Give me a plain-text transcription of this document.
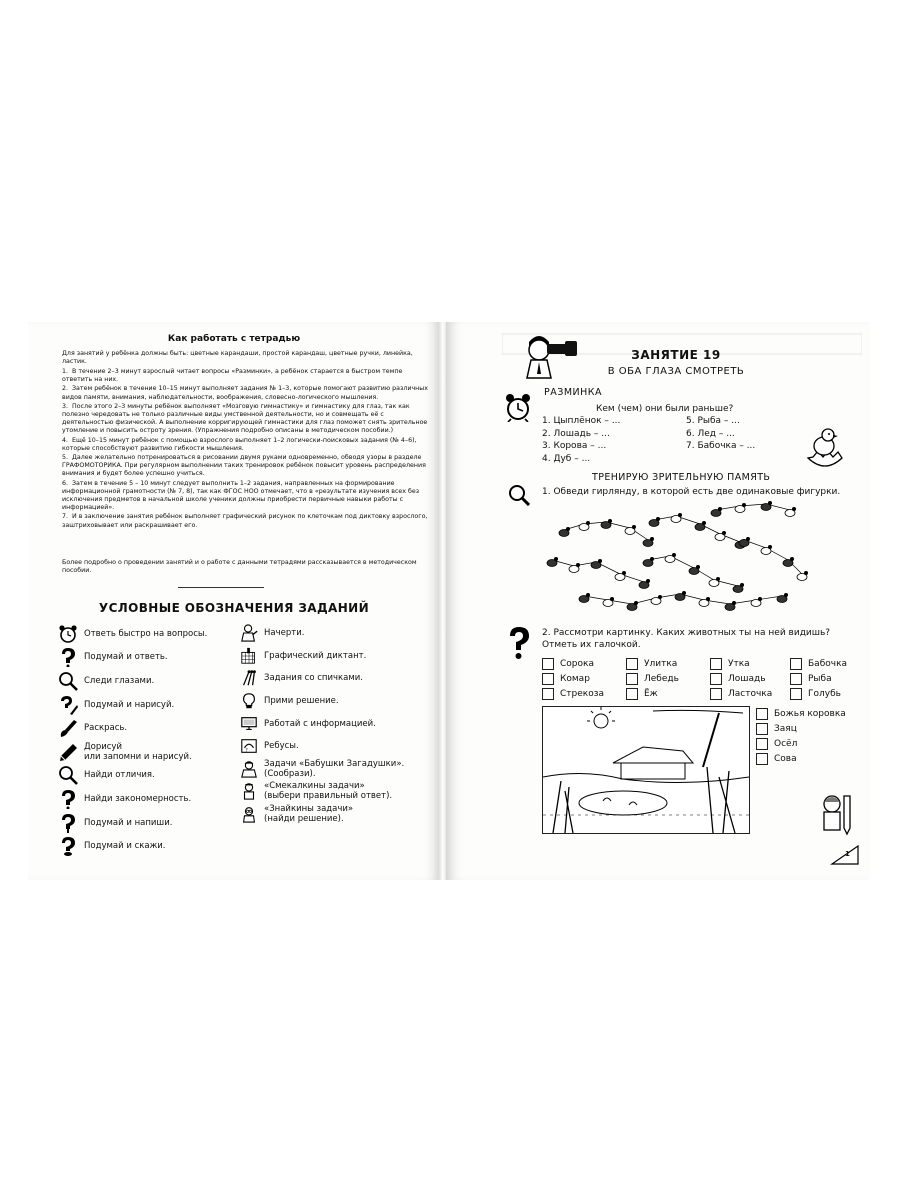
Как работать с тетрадью

Для занятий у ребёнка должны быть: цветные карандаши, простой карандаш, цветные ручки, линейка, ластик.

1. В течение 2–3 минут взрослый читает вопросы «Разминки», а ребёнок старается в быстром темпе ответить на них.
2. Затем ребёнок в течение 10–15 минут выполняет задания № 1–3, которые помогают развитию различных видов памяти, внимания, наблюдательности, воображения, словесно-логического мышления.
3. После этого 2–3 минуты ребёнок выполняет «Мозговую гимнастику» и гимнастику для глаз, так как полезно чередовать не только различные виды умственной деятельности, но и совмещать её с деятельностью физической. А выполнение корригирующей гимнастики для глаз поможет снять зрительное утомление и повысить остроту зрения. (Упражнения подробно описаны в методическом пособии.)
4. Ещё 10–15 минут ребёнок с помощью взрослого выполняет 1–2 логически-поисковых задания (№ 4–6), которые способствуют развитию гибкости мышления.
5. Далее желательно потренироваться в рисовании двумя руками одновременно, обводя узоры в разделе ГРАФОМОТОРИКА. При регулярном выполнении таких тренировок ребёнок повысит уровень распределения внимания и будет более успешно учиться.
6. Затем в течение 5 – 10 минут следует выполнить 1–2 задания, направленных на формирование информационной грамотности (№ 7, 8), так как ФГОС НОО отмечает, что в «результате изучения всех без исключения предметов в начальной школе ученики должны приобрести первичные навыки работы с информацией».
7. И в заключение занятия ребёнок выполняет графический рисунок по клеточкам под диктовку взрослого, заштриховывает или раскрашивает его.

Более подробно о проведении занятий и о работе с данными тетрадями рассказывается в методическом пособии.

УСЛОВНЫЕ ОБОЗНАЧЕНИЯ ЗАДАНИЙ
Ответь быстро на вопросы.
Подумай и ответь.
Следи глазами.
Подумай и нарисуй.
Раскрась.
Дорисуй
или запомни и нарисуй.
Найди отличия.
Найди закономерность.
Подумай и напиши.
Подумай и скажи.
Начерти.
Графический диктант.
Задания со спичками.
Прими решение.
Работай с информацией.
? Ребусы.
Задачи «Бабушки Загадушки».
(Сообрази).
«Смекалкины задачи»
(выбери правильный ответ).
«Знайкины задачи»
(найди решение).
ЗАНЯТИЕ 19
В ОБА ГЛАЗА СМОТРЕТЬ
РАЗМИНКА
Кем (чем) они были раньше?
1. Цыплёнок – ...
2. Лошадь – ...
3. Корова – ...
4. Дуб – ...
5. Рыба – ...
6. Лед – ...
7. Бабочка – ...
ТРЕНИРУЮ ЗРИТЕЛЬНУЮ ПАМЯТЬ
1. Обведи гирлянду, в которой есть две одинаковые фигурки.
2. Рассмотри картинку. Каких животных ты на ней видишь?
Отметь их галочкой.
Сорока	Улитка	Утка	Бабочка
Комар	Лебедь	Лошадь	Рыба
Стрекоза	Ёж	Ласточка	Голубь
Божья коровка
Заяц
Осёл
Сова
1
